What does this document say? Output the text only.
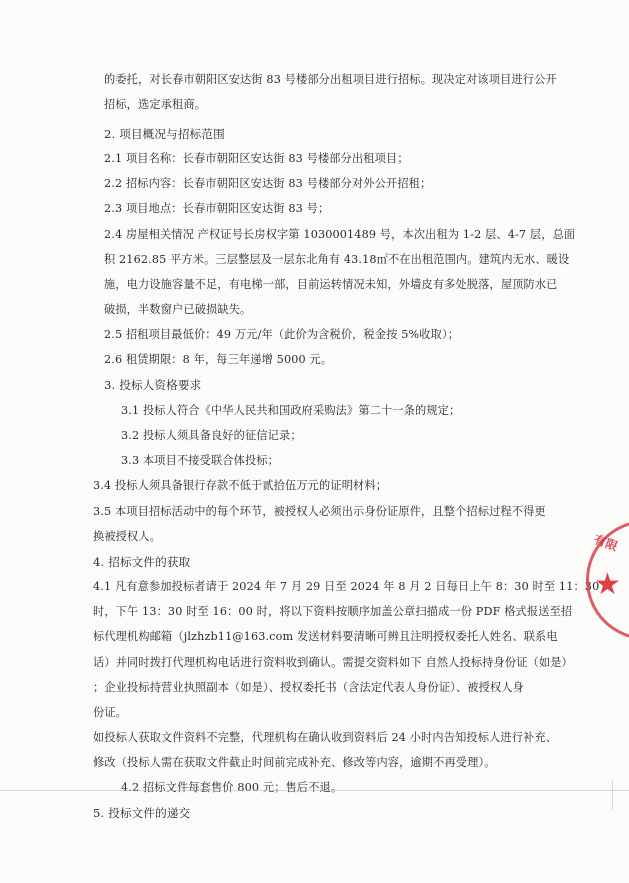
的委托，对长春市朝阳区安达街 83 号楼部分出租项目进行招标。现决定对该项目进行公开
招标，选定承租商。
2. 项目概况与招标范围
2.1 项目名称：长春市朝阳区安达街 83 号楼部分出租项目；
2.2 招标内容：长春市朝阳区安达街 83 号楼部分对外公开招租；
2.3 项目地点：长春市朝阳区安达街 83 号；
2.4 房屋相关情况 产权证号长房权字第 1030001489 号，本次出租为 1-2 层、4-7 层，总面
积 2162.85 平方米。三层整层及一层东北角有 43.18㎡不在出租范围内。建筑内无水、暖设
施，电力设施容量不足，有电梯一部，目前运转情况未知，外墙皮有多处脱落，屋顶防水已
破损，半数窗户已破损缺失。
2.5 招租项目最低价：49 万元/年（此价为含税价，税金按 5%收取）；
2.6 租赁期限：8 年，每三年递增 5000 元。
3. 投标人资格要求
3.1 投标人符合《中华人民共和国政府采购法》第二十一条的规定；
3.2 投标人须具备良好的征信记录；
3.3 本项目不接受联合体投标；
3.4 投标人须具备银行存款不低于贰拾伍万元的证明材料；
3.5 本项目招标活动中的每个环节，被授权人必须出示身份证原件，且整个招标过程不得更
换被授权人。
4. 招标文件的获取
4.1 凡有意参加投标者请于 2024 年 7 月 29 日至 2024 年 8 月 2 日每日上午 8：30 时至 11：30
时，下午 13：30 时至 16：00 时，将以下资料按顺序加盖公章扫描成一份 PDF 格式报送至招
标代理机构邮箱（jlzhzb11@163.com 发送材料要清晰可辨且注明授权委托人姓名、联系电
话）并同时拨打代理机构电话进行资料收到确认。需提交资料如下 自然人投标持身份证（如是）
；企业投标持营业执照副本（如是）、授权委托书（含法定代表人身份证）、被授权人身
份证。
如投标人获取文件资料不完整，代理机构在确认收到资料后 24 小时内告知投标人进行补充、
修改（投标人需在获取文件截止时间前完成补充、修改等内容，逾期不再受理）。
4.2 招标文件每套售价 800 元；售后不退。
5. 投标文件的递交
有限
★
